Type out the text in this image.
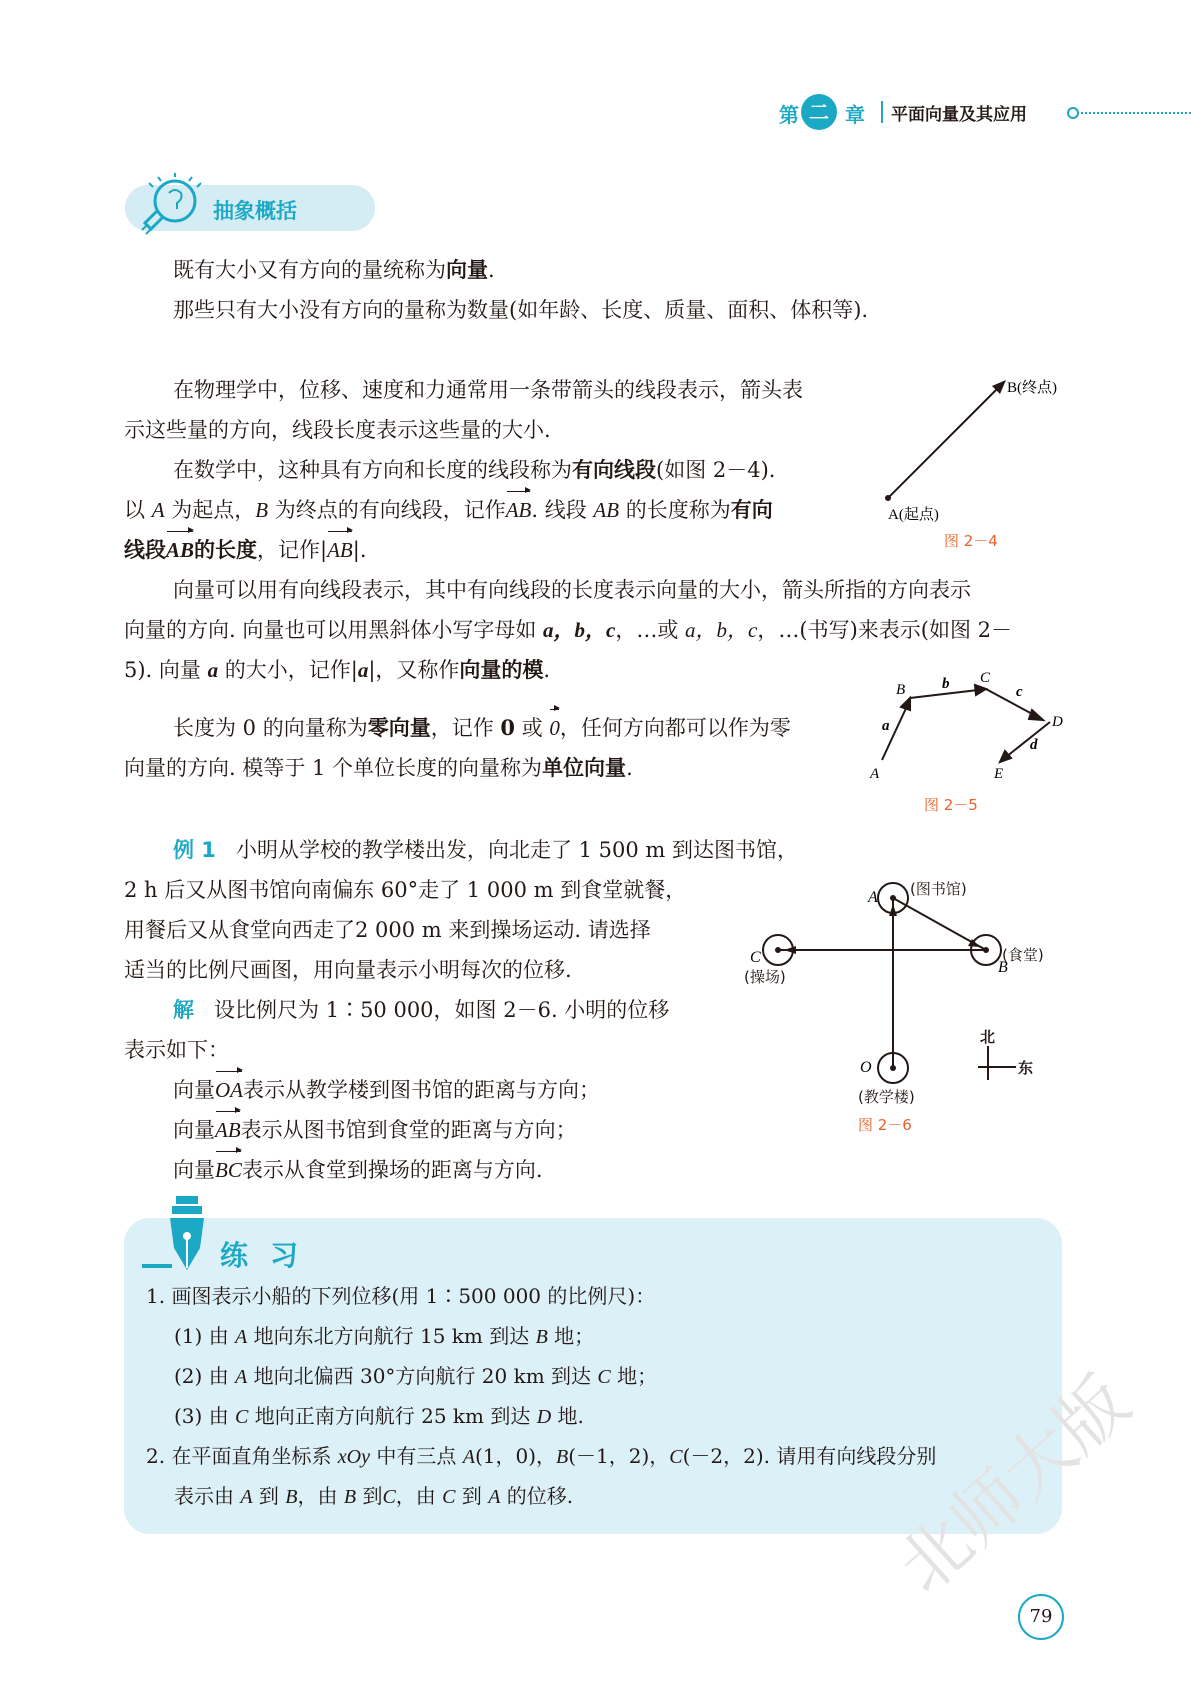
第 二 章 平面向量及其应用
抽象概括
既有大小又有方向的量统称为向量.
那些只有大小没有方向的量称为数量(如年龄、长度、质量、面积、体积等).
在物理学中，位移、速度和力通常用一条带箭头的线段表示，箭头表
示这些量的方向，线段长度表示这些量的大小.
在数学中，这种具有方向和长度的线段称为有向线段(如图 2－4).
以 A 为起点，B 为终点的有向线段，记作AB. 线段 AB 的长度称为有向
线段AB的长度，记作|AB|.
向量可以用有向线段表示，其中有向线段的长度表示向量的大小，箭头所指的方向表示
向量的方向. 向量也可以用黑斜体小写字母如 a，b，c，…或 a，b，c，…(书写)来表示(如图 2－
5). 向量 a 的大小，记作|a|，又称作向量的模.
长度为 0 的向量称为零向量，记作 0 或 0，任何方向都可以作为零
向量的方向. 模等于 1 个单位长度的向量称为单位向量.
B(终点)
A(起点)
图 2－4
A
B
C
D
E
a
b	c
d
图 2－5
例 1 小明从学校的教学楼出发，向北走了 1 500 m 到达图书馆，
2 h 后又从图书馆向南偏东 60°走了 1 000 m 到食堂就餐，
用餐后又从食堂向西走了2 000 m 来到操场运动. 请选择
适当的比例尺画图，用向量表示小明每次的位移.
解 设比例尺为 1∶50 000，如图 2－6. 小明的位移
表示如下：
向量OA表示从教学楼到图书馆的距离与方向；
向量AB表示从图书馆到食堂的距离与方向；
向量BC表示从食堂到操场的距离与方向.
A
B
C
O
(图书馆)
(食堂)
(操场)
(教学楼)
北
东
图 2－6
练习
1. 画图表示小船的下列位移(用 1∶500 000 的比例尺)：
(1) 由 A 地向东北方向航行 15 km 到达 B 地；
(2) 由 A 地向北偏西 30°方向航行 20 km 到达 C 地；
(3) 由 C 地向正南方向航行 25 km 到达 D 地.
2. 在平面直角坐标系 xOy 中有三点 A(1，0)，B(－1，2)，C(－2，2). 请用有向线段分别
表示由 A 到 B，由 B 到C，由 C 到 A 的位移.	北师大版
79
